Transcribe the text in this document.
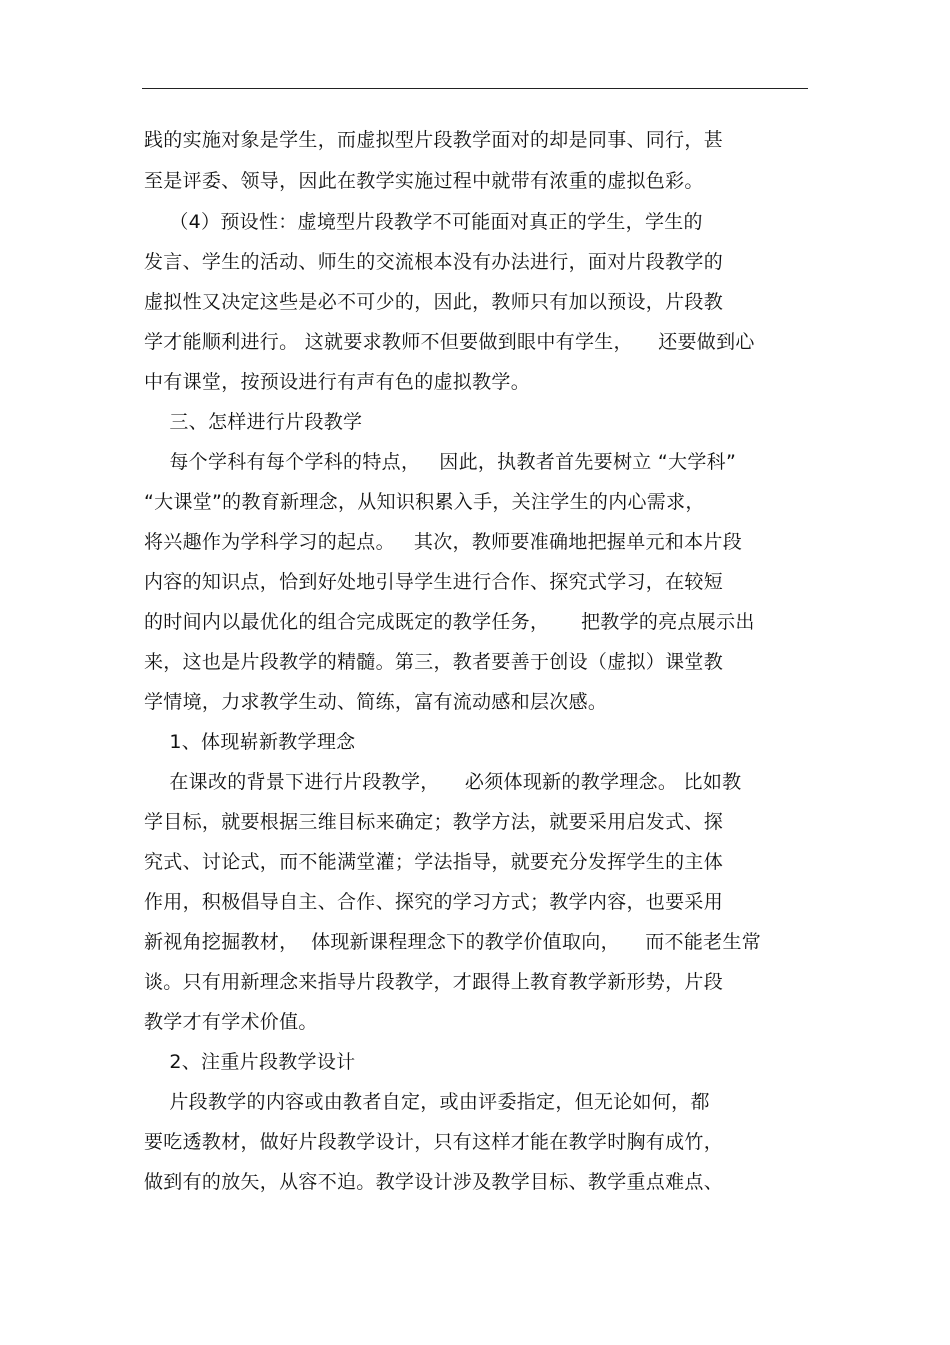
践的实施对象是学生，而虚拟型片段教学面对的却是同事、同行，甚
至是评委、领导，因此在教学实施过程中就带有浓重的虚拟色彩。
（4）预设性：虚境型片段教学不可能面对真正的学生，学生的
发言、学生的活动、师生的交流根本没有办法进行，面对片段教学的
虚拟性又决定这些是必不可少的，因此，教师只有加以预设，片段教
学才能顺利进行。 这就要求教师不但要做到眼中有学生，    还要做到心
中有课堂，按预设进行有声有色的虚拟教学。
三、怎样进行片段教学
每个学科有每个学科的特点，   因此，执教者首先要树立 “大学科”
“大课堂”的教育新理念，从知识积累入手，关注学生的内心需求，
将兴趣作为学科学习的起点。   其次，教师要准确地把握单元和本片段
内容的知识点，恰到好处地引导学生进行合作、探究式学习，在较短
的时间内以最优化的组合完成既定的教学任务，     把教学的亮点展示出
来，这也是片段教学的精髓。第三，教者要善于创设（虚拟）课堂教
学情境，力求教学生动、简练，富有流动感和层次感。
1、体现崭新教学理念
在课改的背景下进行片段教学，    必须体现新的教学理念。 比如教
学目标，就要根据三维目标来确定；教学方法，就要采用启发式、探
究式、讨论式，而不能满堂灌；学法指导，就要充分发挥学生的主体
作用，积极倡导自主、合作、探究的学习方式；教学内容，也要采用
新视角挖掘教材，  体现新课程理念下的教学价值取向，    而不能老生常
谈。只有用新理念来指导片段教学，才跟得上教育教学新形势，片段
教学才有学术价值。
2、注重片段教学设计
片段教学的内容或由教者自定，或由评委指定，但无论如何，都
要吃透教材，做好片段教学设计，只有这样才能在教学时胸有成竹，
做到有的放矢，从容不迫。教学设计涉及教学目标、教学重点难点、
